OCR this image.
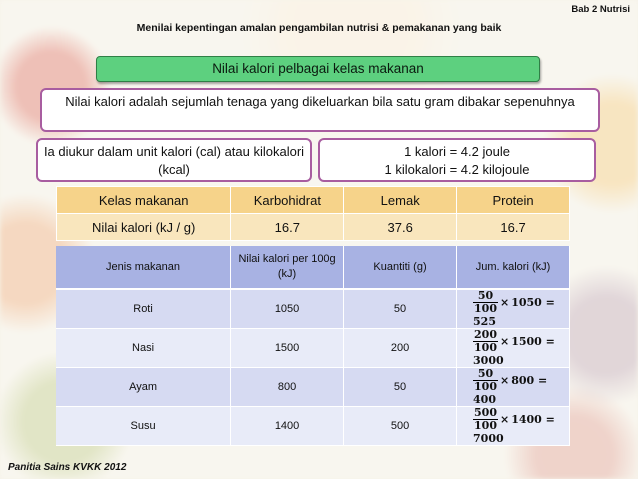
Bab 2 Nutrisi
Menilai kepentingan amalan pengambilan nutrisi & pemakanan yang baik
Nilai kalori pelbagai kelas makanan
Nilai kalori adalah sejumlah tenaga yang dikeluarkan bila satu gram dibakar sepenuhnya
Ia diukur dalam unit kalori (cal) atau kilokalori (kcal)
1 kalori = 4.2 joule
1 kilokalori = 4.2 kilojoule
Kelas makanan	Karbohidrat	Lemak	Protein
Nilai kalori (kJ / g)	16.7	37.6	16.7
Jenis makanan	Nilai kalori per 100g (kJ)	Kuantiti (g)	Jum. kalori (kJ)
Roti	1050	50	$\frac{50}{100} \times 1050 = 525$
Nasi	1500	200	$\frac{200}{100} \times 1500 = 3000$
Ayam	800	50	$\frac{50}{100} \times 800 = 400$
Susu	1400	500	$\frac{500}{100} \times 1400 = 7000$
Panitia Sains KVKK 2012
